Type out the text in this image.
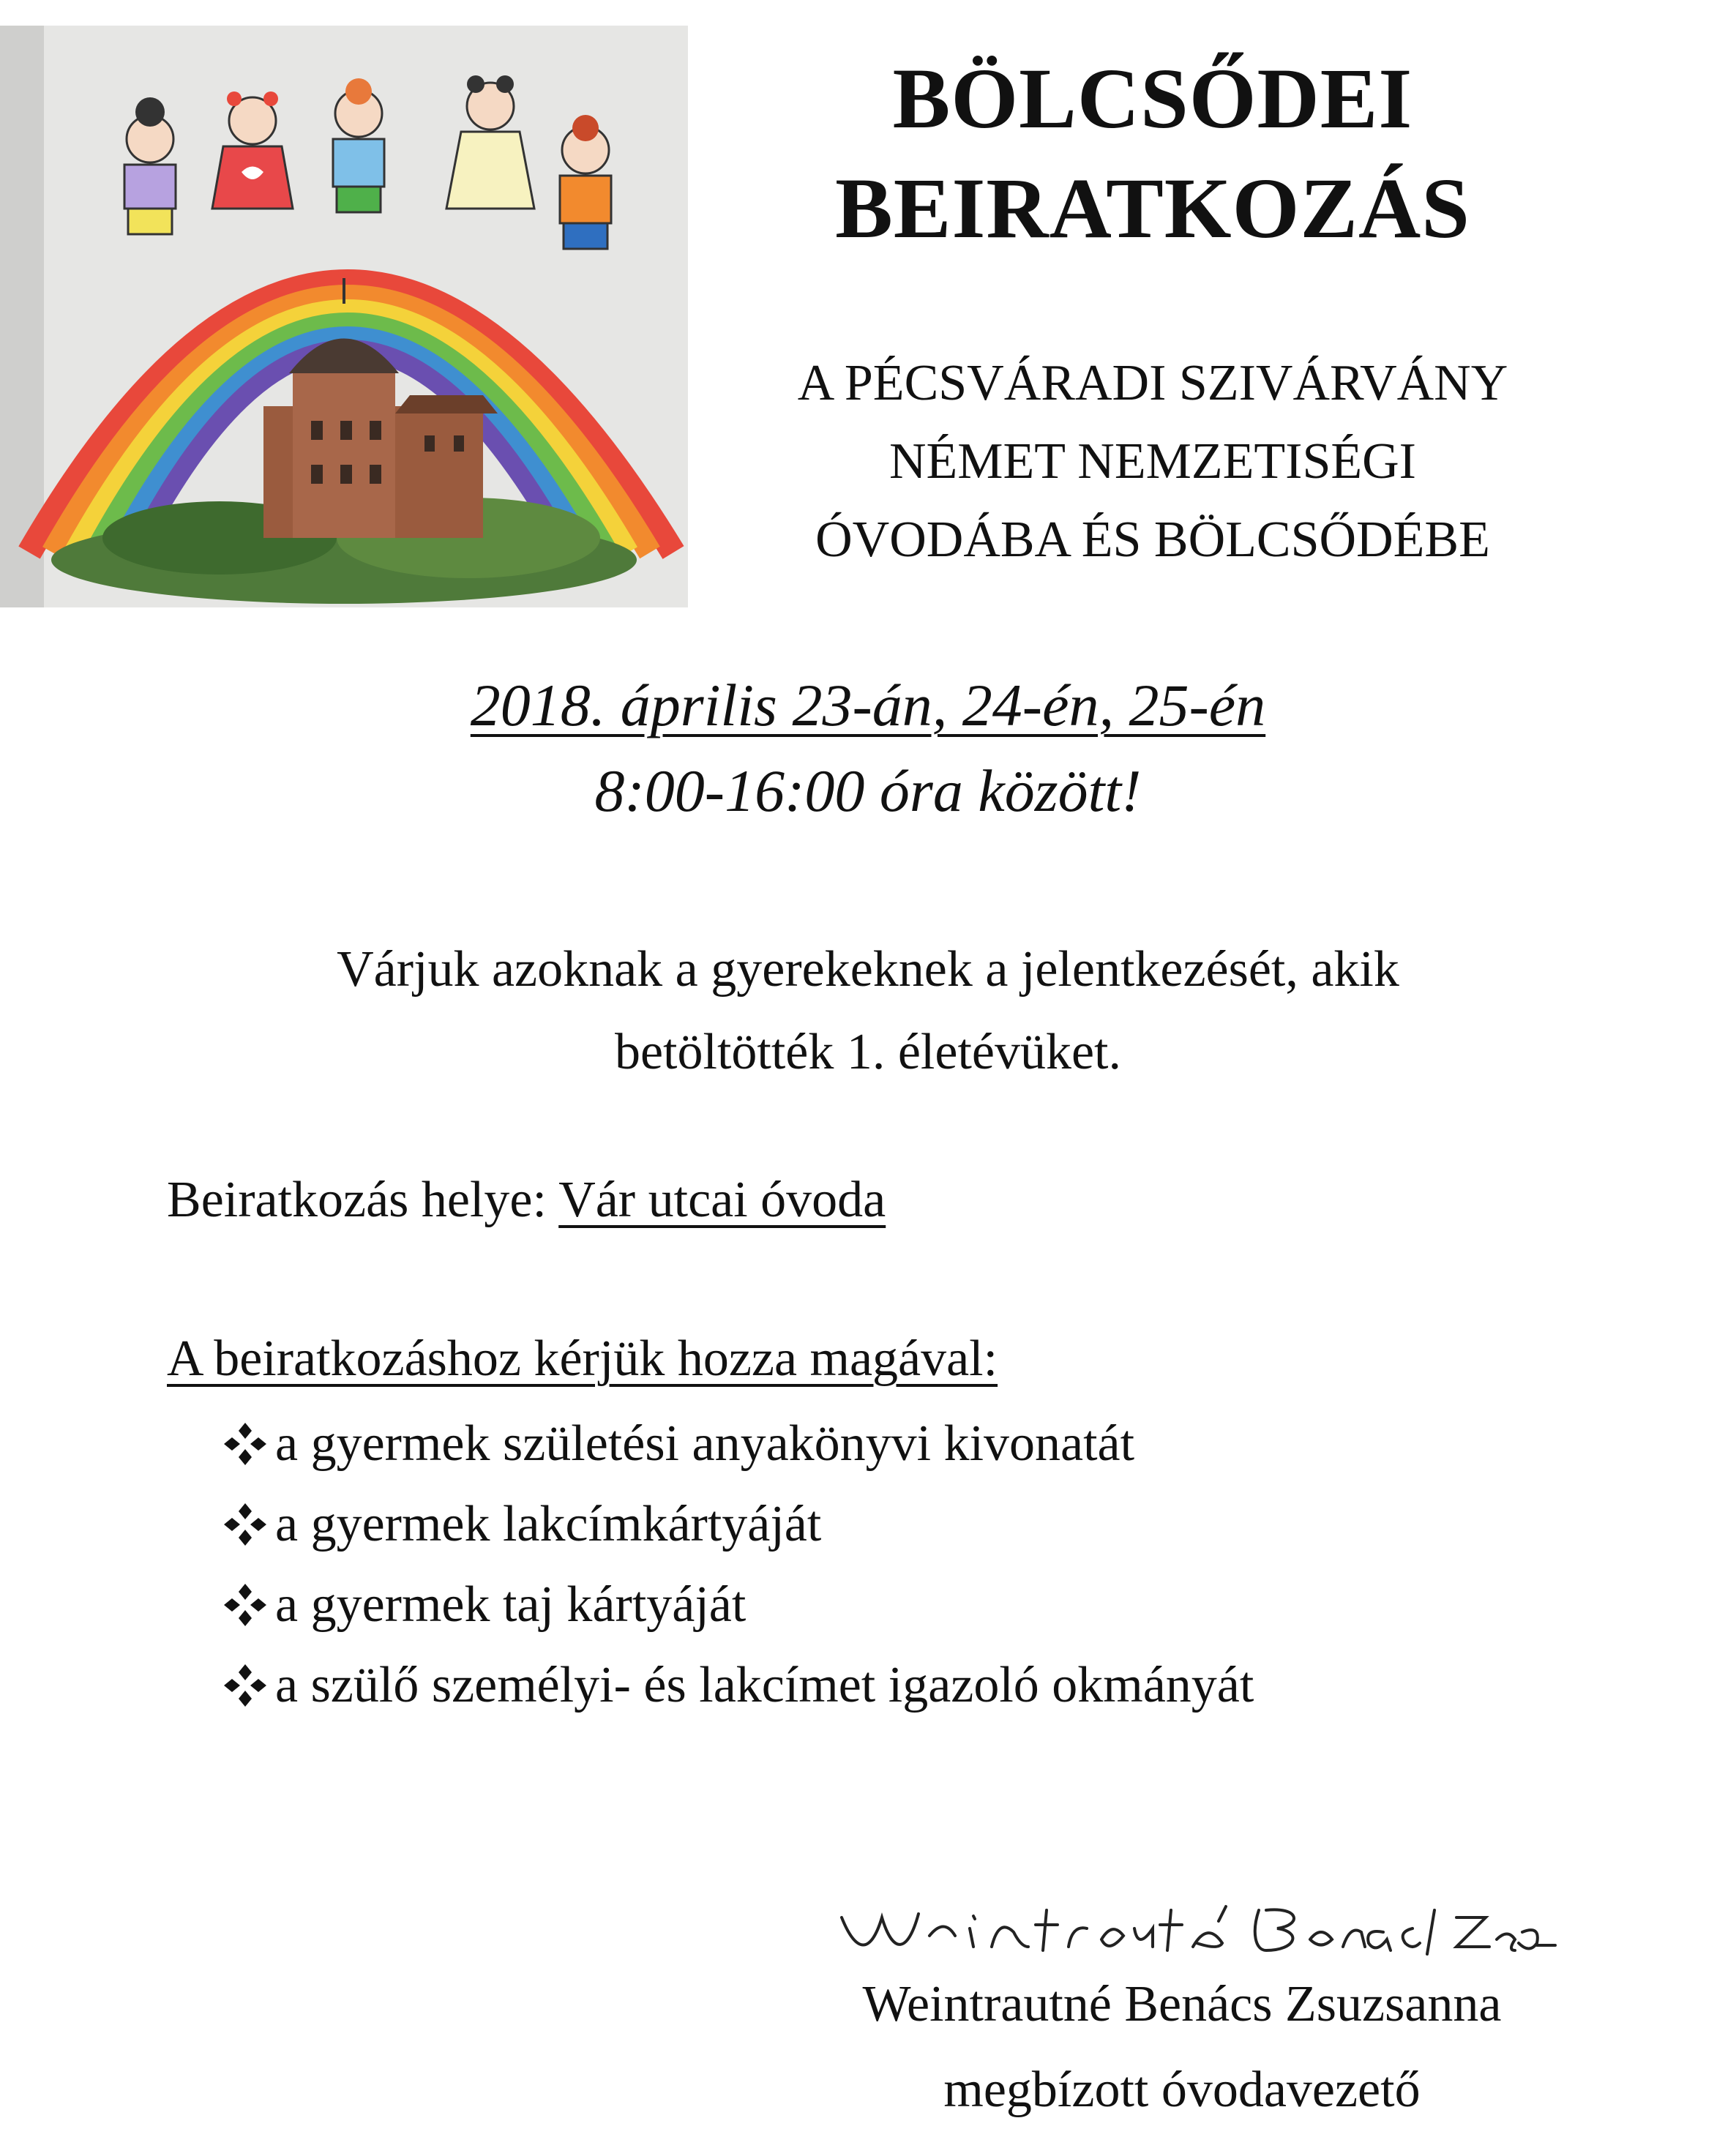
BÖLCSŐDEI
BEIRATKOZÁS
A PÉCSVÁRADI SZIVÁRVÁNY
NÉMET NEMZETISÉGI
ÓVODÁBA ÉS BÖLCSŐDÉBE
2018. április 23-án, 24-én, 25-én
8:00-16:00 óra között!
Várjuk azoknak a gyerekeknek a jelentkezését, akik
betöltötték 1. életévüket.
Beiratkozás helye: Vár utcai óvoda
A beiratkozáshoz kérjük hozza magával:
a gyermek születési anyakönyvi kivonatát
a gyermek lakcímkártyáját
a gyermek taj kártyáját
a szülő személyi- és lakcímet igazoló okmányát
Weintrautné Benács Zsuzsanna
megbízott óvodavezető
